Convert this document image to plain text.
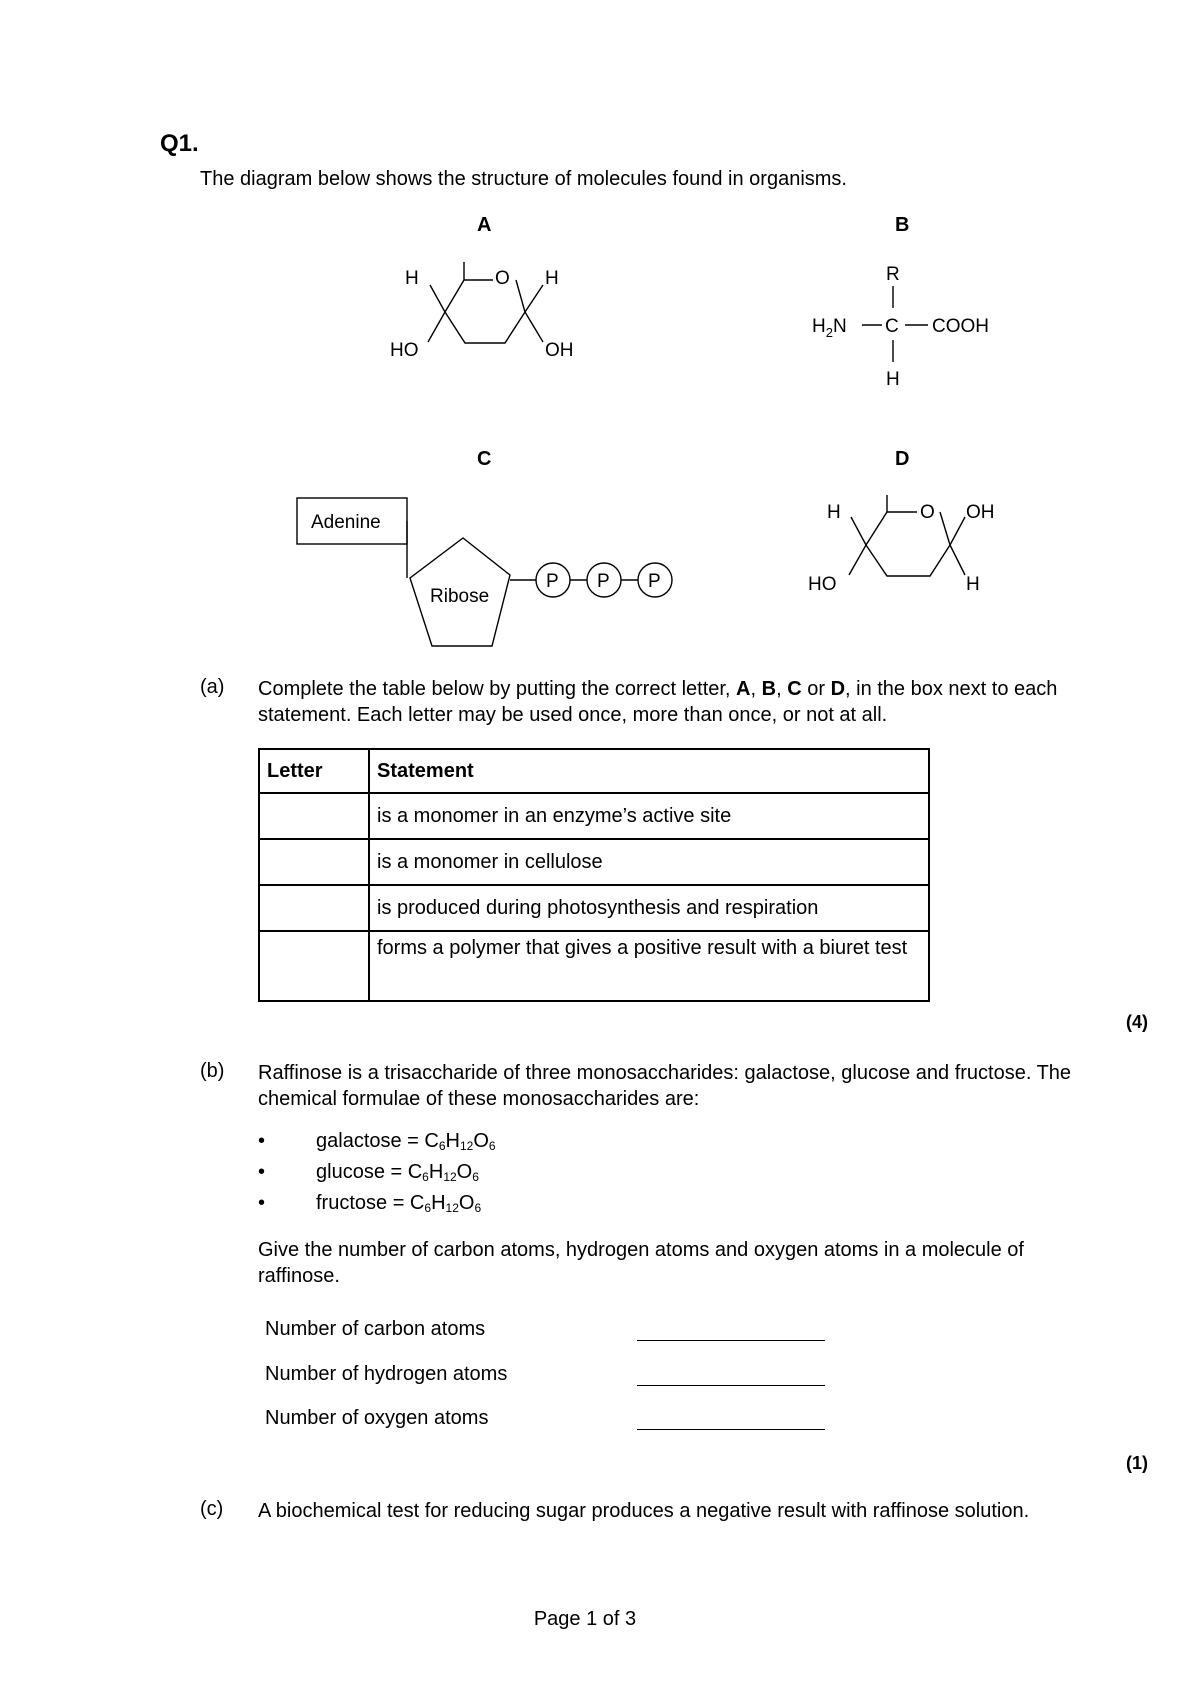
Q1.
The diagram below shows the structure of molecules found in organisms.
A	B
C	D
H	O H
HO	OH
R
$H_2N$ C COOH
H
Adenine
Ribose
P P P
H	O OH
HO	H
(a) Complete the table below by putting the correct letter, A, B, C or D, in the box next to each statement. Each letter may be used once, more than once, or not at all.
Letter	Statement
	is a monomer in an enzyme’s active site
	is a monomer in cellulose
	is produced during photosynthesis and respiration
	forms a polymer that gives a positive result with a biuret test
(4)
(b) Raffinose is a trisaccharide of three monosaccharides: galactose, glucose and fructose. The chemical formulae of these monosaccharides are:
•	galactose = $C_6H_{12}O_6$
•	$glucose = C_6H_{12}O_6$
•	fructose = $C_6H_{12}O_6$
Give the number of carbon atoms, hydrogen atoms and oxygen atoms in a molecule of raffinose.
Number of carbon atoms
Number of hydrogen atoms
Number of oxygen atoms
(1)
(c) A biochemical test for reducing sugar produces a negative result with raffinose solution.
Page 1 of 3
